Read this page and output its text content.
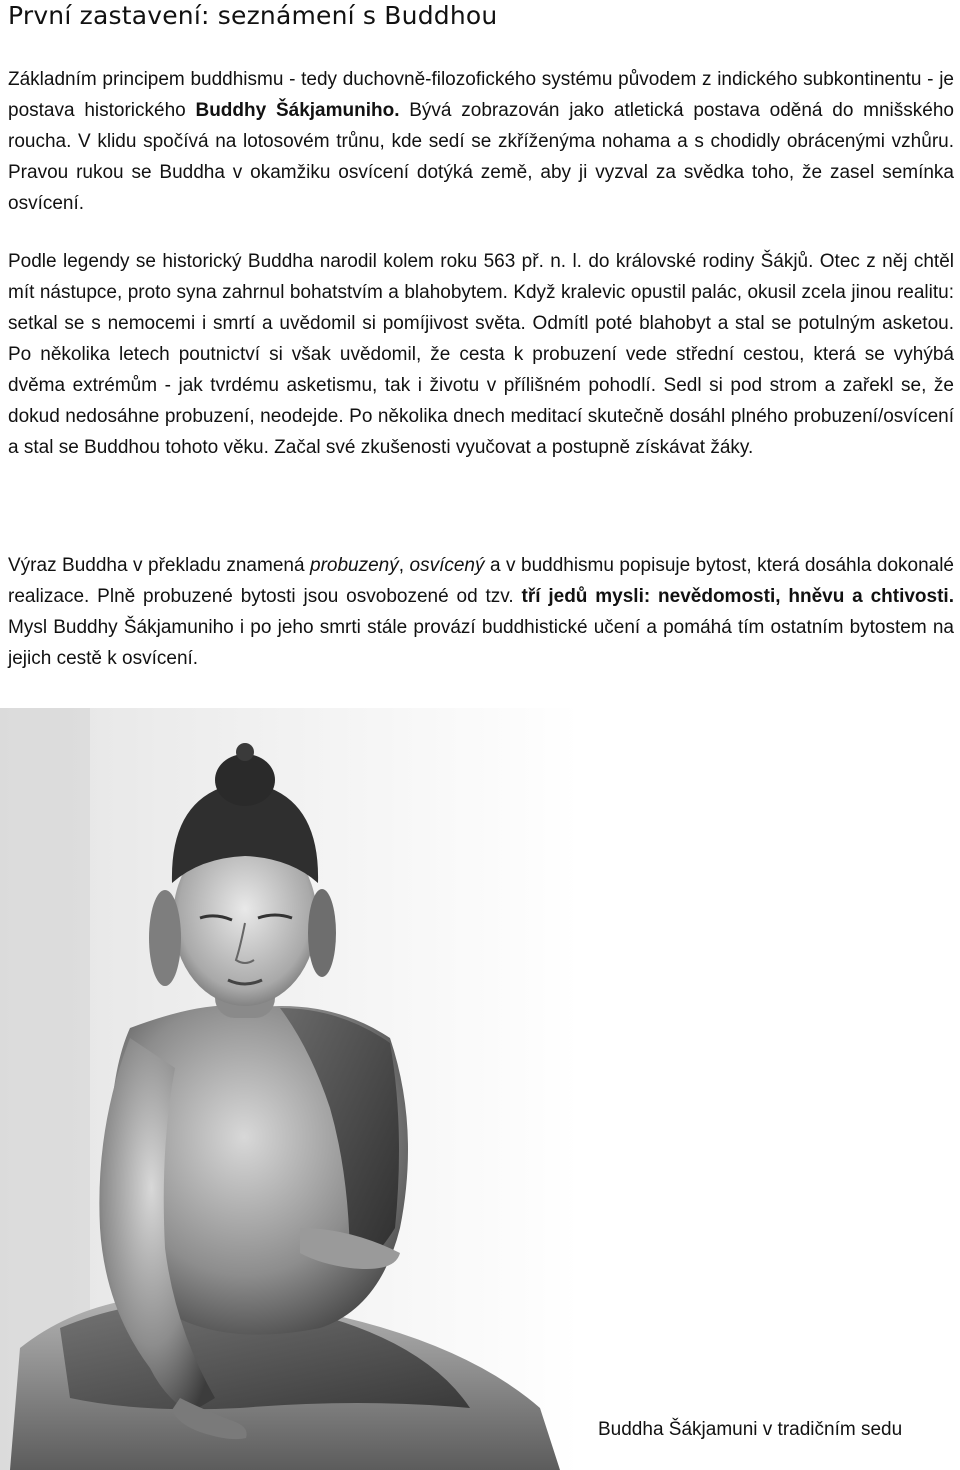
První zastavení: seznámení s Buddhou

Základním principem buddhismu - tedy duchovně-filozofického systému původem z indického subkontinentu - je postava historického Buddhy Šákjamuniho. Bývá zobrazován jako atletická postava oděná do mnišského roucha. V klidu spočívá na lotosovém trůnu, kde sedí se zkříženýma nohama a s chodidly obrácenými vzhůru. Pravou rukou se Buddha v okamžiku osvícení dotýká země, aby ji vyzval za svědka toho, že zasel semínka osvícení.

Podle legendy se historický Buddha narodil kolem roku 563 př. n. l. do královské rodiny Šákjů. Otec z něj chtěl mít nástupce, proto syna zahrnul bohatstvím a blahobytem. Když kralevic opustil palác, okusil zcela jinou realitu: setkal se s nemocemi i smrtí a uvědomil si pomíjivost světa. Odmítl poté blahobyt a stal se potulným asketou. Po několika letech poutnictví si však uvědomil, že cesta k probuzení vede střední cestou, která se vyhýbá dvěma extrémům - jak tvrdému asketismu, tak i životu v přílišném pohodlí. Sedl si pod strom a zařekl se, že dokud nedosáhne probuzení, neodejde. Po několika dnech meditací skutečně dosáhl plného probuzení/osvícení a stal se Buddhou tohoto věku. Začal své zkušenosti vyučovat a postupně získávat žáky.

Výraz Buddha v překladu znamená probuzený, osvícený a v buddhismu popisuje bytost, která dosáhla dokonalé realizace. Plně probuzené bytosti jsou osvobozené od tzv. tří jedů mysli: nevědomosti, hněvu a chtivosti. Mysl Buddhy Šákjamuniho i po jeho smrti stále provází buddhistické učení a pomáhá tím ostatním bytostem na jejich cestě k osvícení.

Buddha Šákjamuni v tradičním sedu
